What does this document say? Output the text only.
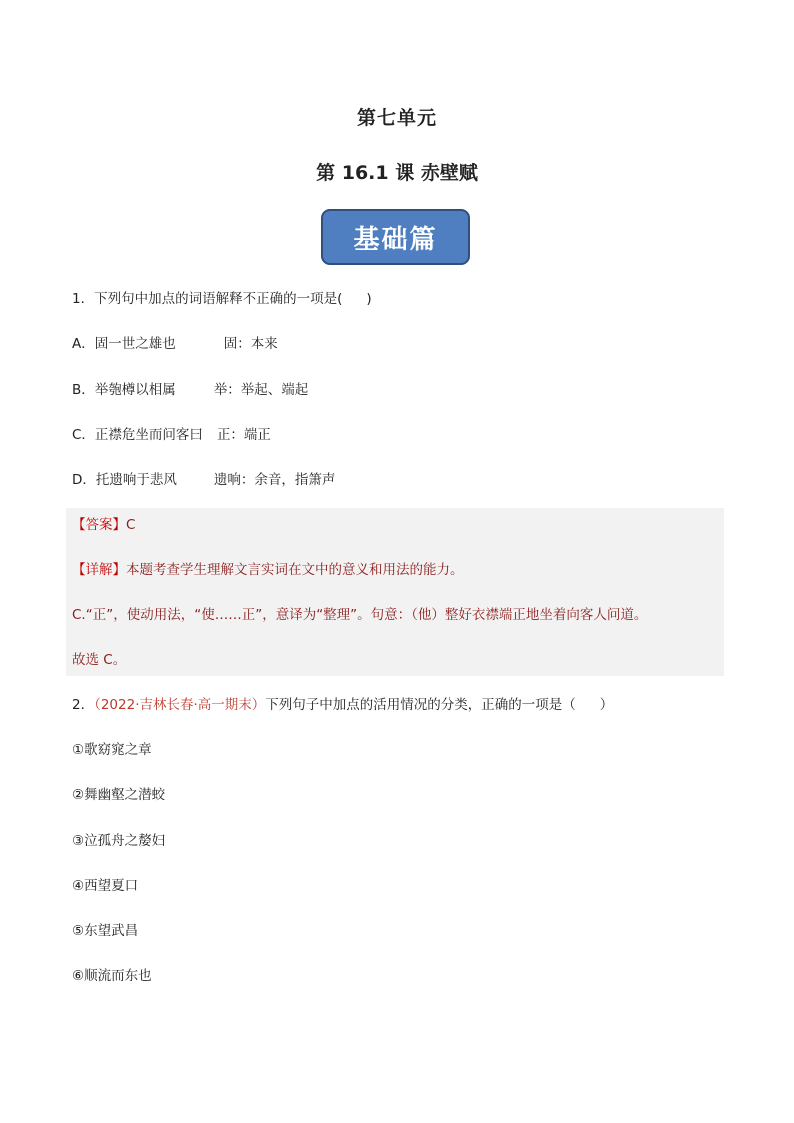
第七单元
第 16.1 课 赤壁赋
基础篇
1．下列句中加点的词语解释不正确的一项是( )
A．固一世之雄也	固：本来
B．举匏樽以相属	举：举起、端起
C．正襟危坐而问客曰 正：端正
D．托遗响于悲风	遗响：余音，指箫声
【答案】C
【详解】本题考查学生理解文言实词在文中的意义和用法的能力。
C.“正”，使动用法，“使……正”，意译为“整理”。句意：（他）整好衣襟端正地坐着向客人问道。
故选 C。
2．（2022·吉林长春·高一期末）下列句子中加点的活用情况的分类，正确的一项是（ ）
①歌窈窕之章
②舞幽壑之潜蛟
③泣孤舟之嫠妇
④西望夏口
⑤东望武昌
⑥顺流而东也
